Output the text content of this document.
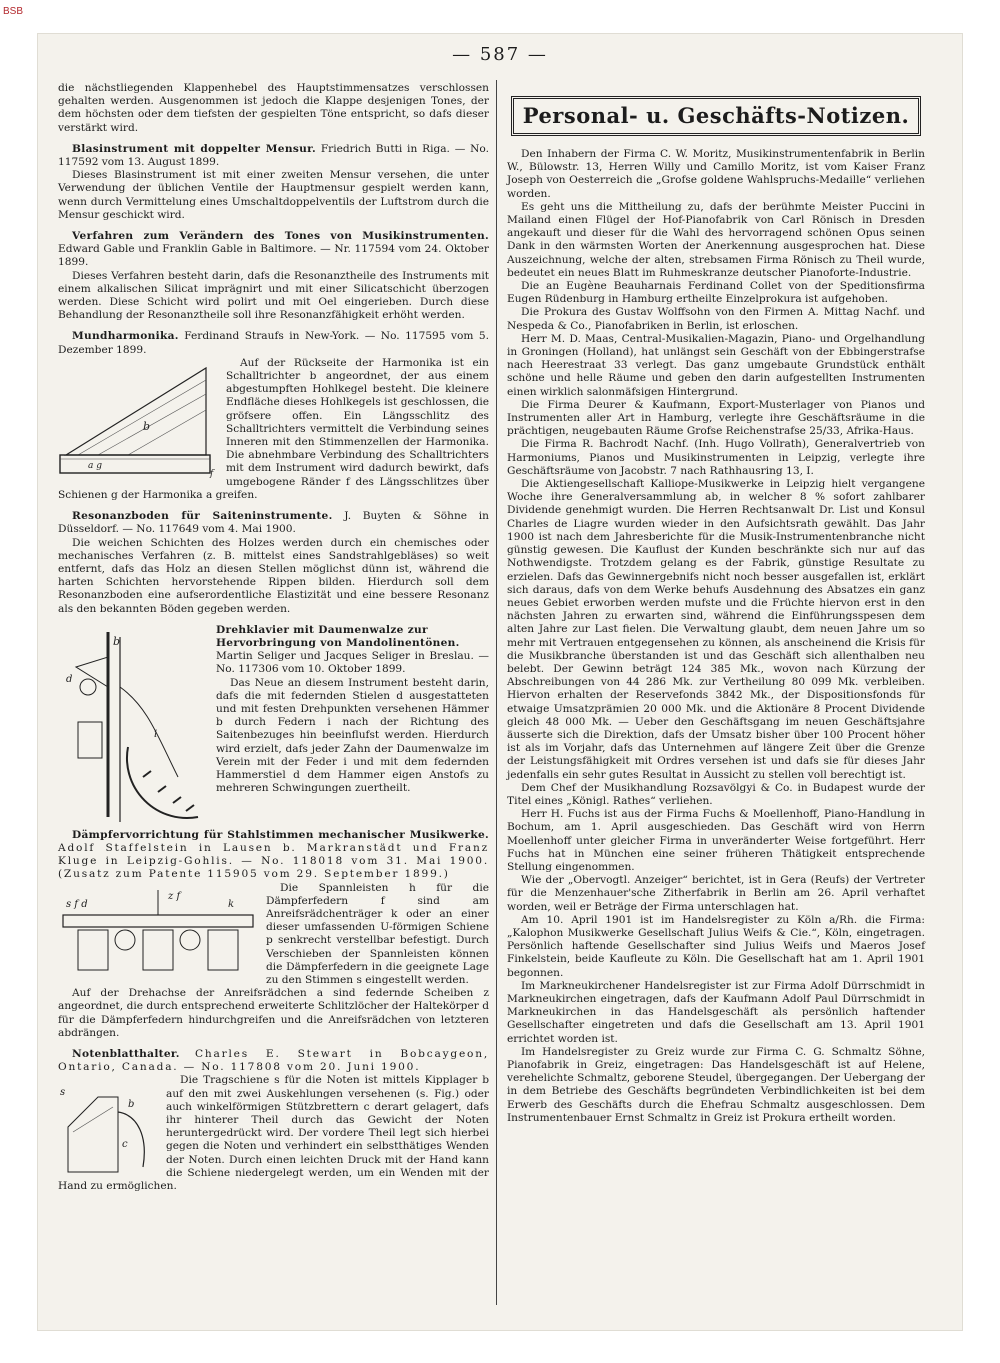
BSB
— 587 —

die nächstliegenden Klappenhebel des Hauptstimmensatzes verschlossen gehalten werden. Ausgenommen ist jedoch die Klappe desjenigen Tones, der dem höchsten oder dem tiefsten der gespielten Töne entspricht, so dafs dieser verstärkt wird.

Blasinstrument mit doppelter Mensur. Friedrich Butti in Riga. — No. 117592 vom 13. August 1899.

Dieses Blasinstrument ist mit einer zweiten Mensur versehen, die unter Verwendung der üblichen Ventile der Hauptmensur gespielt werden kann, wenn durch Vermittelung eines Umschaltdoppelventils der Luftstrom durch die Mensur geschickt wird.

Verfahren zum Verändern des Tones von Musikinstrumenten. Edward Gable und Franklin Gable in Baltimore. — Nr. 117594 vom 24. Oktober 1899.

Dieses Verfahren besteht darin, dafs die Resonanztheile des Instruments mit einem alkalischen Silicat imprägnirt und mit einer Silicatschicht überzogen werden. Diese Schicht wird polirt und mit Oel eingerieben. Durch diese Behandlung der Resonanztheile soll ihre Resonanzfähigkeit erhöht werden.

Mundharmonika. Ferdinand Straufs in New-York. — No. 117595 vom 5. Dezember 1899.

b
a g
f

Auf der Rückseite der Harmonika ist ein Schalltrichter b angeordnet, der aus einem abgestumpften Hohlkegel besteht. Die kleinere Endfläche dieses Hohlkegels ist geschlossen, die gröfsere offen. Ein Längsschlitz des Schalltrichters vermittelt die Verbindung seines Inneren mit den Stimmenzellen der Harmonika. Die abnehmbare Verbindung des Schalltrichters mit dem Instrument wird dadurch bewirkt, dafs umgebogene Ränder f des Längsschlitzes über Schienen g der Harmonika a greifen.

Resonanzboden für Saiteninstrumente. J. Buyten & Söhne in Düsseldorf. — No. 117649 vom 4. Mai 1900.

Die weichen Schichten des Holzes werden durch ein chemisches oder mechanisches Verfahren (z. B. mittelst eines Sandstrahlgebläses) so weit entfernt, dafs das Holz an diesen Stellen möglichst dünn ist, während die harten Schichten hervorstehende Rippen bilden. Hierdurch soll dem Resonanzboden eine aufserordentliche Elastizität und eine bessere Resonanz als den bekannten Böden gegeben werden.

b
d
i

Drehklavier mit Daumenwalze zur Hervorbringung von Mandolinentönen.

Martin Seliger und Jacques Seliger in Breslau. — No. 117306 vom 10. Oktober 1899.

Das Neue an diesem Instrument besteht darin, dafs die mit federnden Stielen d ausgestatteten und mit festen Drehpunkten versehenen Hämmer b durch Federn i nach der Richtung des Saitenbezuges hin beeinflufst werden. Hierdurch wird erzielt, dafs jeder Zahn der Daumenwalze im Verein mit der Feder i und mit dem federnden Hammerstiel d dem Hammer eigen Anstofs zu mehreren Schwingungen zuertheilt.

Dämpfervorrichtung für Stahlstimmen mechanischer Musikwerke. Adolf Staffelstein in Lausen b. Markranstädt und Franz Kluge in Leipzig-Gohlis. — No. 118018 vom 31. Mai 1900. (Zusatz zum Patente 115905 vom 29. September 1899.)

s f d
z f
k

Die Spannleisten h für die Dämpferfedern f sind am Anreifsrädchenträger k oder an einer dieser umfassenden U-förmigen Schiene p senkrecht verstellbar befestigt. Durch Verschieben der Spannleisten können die Dämpferfedern in die geeignete Lage zu den Stimmen s eingestellt werden.

Auf der Drehachse der Anreifsrädchen a sind federnde Scheiben z angeordnet, die durch entsprechend erweiterte Schlitzlöcher der Haltekörper d für die Dämpferfedern hindurchgreifen und die Anreifsrädchen von letzteren abdrängen.

Notenblatthalter. Charles E. Stewart in Bobcaygeon, Ontario, Canada. — No. 117808 vom 20. Juni 1900.

s
b
c

Die Tragschiene s für die Noten ist mittels Kipplager b auf den mit zwei Auskehlungen versehenen (s. Fig.) oder auch winkelförmigen Stützbrettern c derart gelagert, dafs ihr hinterer Theil durch das Gewicht der Noten heruntergedrückt wird. Der vordere Theil legt sich hierbei gegen die Noten und verhindert ein selbstthätiges Wenden der Noten. Durch einen leichten Druck mit der Hand kann die Schiene niedergelegt werden, um ein Wenden mit der Hand zu ermöglichen.

Personal- u. Geschäfts-Notizen.

Den Inhabern der Firma C. W. Moritz, Musikinstrumentenfabrik in Berlin W., Bülowstr. 13, Herren Willy und Camillo Moritz, ist vom Kaiser Franz Joseph von Oesterreich die „Grofse goldene Wahlspruchs-Medaille“ verliehen worden.

Es geht uns die Mittheilung zu, dafs der berühmte Meister Puccini in Mailand einen Flügel der Hof-Pianofabrik von Carl Rönisch in Dresden angekauft und dieser für die Wahl des hervorragend schönen Opus seinen Dank in den wärmsten Worten der Anerkennung ausgesprochen hat. Diese Auszeichnung, welche der alten, strebsamen Firma Rönisch zu Theil wurde, bedeutet ein neues Blatt im Ruhmeskranze deutscher Pianoforte-Industrie.

Die an Eugène Beauharnais Ferdinand Collet von der Speditionsfirma Eugen Rüdenburg in Hamburg ertheilte Einzelprokura ist aufgehoben.

Die Prokura des Gustav Wolffsohn von den Firmen A. Mittag Nachf. und Nespeda & Co., Pianofabriken in Berlin, ist erloschen.

Herr M. D. Maas, Central-Musikalien-Magazin, Piano- und Orgelhandlung in Groningen (Holland), hat unlängst sein Geschäft von der Ebbingerstrafse nach Heerestraat 33 verlegt. Das ganz umgebaute Grundstück enthält schöne und helle Räume und geben den darin aufgestellten Instrumenten einen wirklich salonmäfsigen Hintergrund.

Die Firma Deurer & Kaufmann, Export-Musterlager von Pianos und Instrumenten aller Art in Hamburg, verlegte ihre Geschäftsräume in die prächtigen, neugebauten Räume Grofse Reichenstrafse 25/33, Afrika-Haus.

Die Firma R. Bachrodt Nachf. (Inh. Hugo Vollrath), Generalvertrieb von Harmoniums, Pianos und Musikinstrumenten in Leipzig, verlegte ihre Geschäftsräume von Jacobstr. 7 nach Rathhausring 13, I.

Die Aktiengesellschaft Kalliope-Musikwerke in Leipzig hielt vergangene Woche ihre Generalversammlung ab, in welcher 8 % sofort zahlbarer Dividende genehmigt wurden. Die Herren Rechtsanwalt Dr. List und Konsul Charles de Liagre wurden wieder in den Aufsichtsrath gewählt. Das Jahr 1900 ist nach dem Jahresberichte für die Musik-Instrumentenbranche nicht günstig gewesen. Die Kauflust der Kunden beschränkte sich nur auf das Nothwendigste. Trotzdem gelang es der Fabrik, günstige Resultate zu erzielen. Dafs das Gewinnergebnifs nicht noch besser ausgefallen ist, erklärt sich daraus, dafs von dem Werke behufs Ausdehnung des Absatzes ein ganz neues Gebiet erworben werden mufste und die Früchte hiervon erst in den nächsten Jahren zu erwarten sind, während die Einführungsspesen dem alten Jahre zur Last fielen. Die Verwaltung glaubt, dem neuen Jahre um so mehr mit Vertrauen entgegensehen zu können, als anscheinend die Krisis für die Musikbranche überstanden ist und das Geschäft sich allenthalben neu belebt. Der Gewinn beträgt 124 385 Mk., wovon nach Kürzung der Abschreibungen von 44 286 Mk. zur Vertheilung 80 099 Mk. verbleiben. Hiervon erhalten der Reservefonds 3842 Mk., der Dispositionsfonds für etwaige Umsatzprämien 20 000 Mk. und die Aktionäre 8 Procent Dividende gleich 48 000 Mk. — Ueber den Geschäftsgang im neuen Geschäftsjahre äusserte sich die Direktion, dafs der Umsatz bisher über 100 Procent höher ist als im Vorjahr, dafs das Unternehmen auf längere Zeit über die Grenze der Leistungsfähigkeit mit Ordres versehen ist und dafs sie für dieses Jahr jedenfalls ein sehr gutes Resultat in Aussicht zu stellen voll berechtigt ist.

Dem Chef der Musikhandlung Rozsavölgyi & Co. in Budapest wurde der Titel eines „Königl. Rathes“ verliehen.

Herr H. Fuchs ist aus der Firma Fuchs & Moellenhoff, Piano-Handlung in Bochum, am 1. April ausgeschieden. Das Geschäft wird von Herrn Moellenhoff unter gleicher Firma in unveränderter Weise fortgeführt. Herr Fuchs hat in München eine seiner früheren Thätigkeit entsprechende Stellung eingenommen.

Wie der „Obervogtl. Anzeiger“ berichtet, ist in Gera (Reufs) der Vertreter für die Menzenhauer'sche Zitherfabrik in Berlin am 26. April verhaftet worden, weil er Beträge der Firma unterschlagen hat.

Am 10. April 1901 ist im Handelsregister zu Köln a/Rh. die Firma: „Kalophon Musikwerke Gesellschaft Julius Weifs & Cie.“, Köln, eingetragen. Persönlich haftende Gesellschafter sind Julius Weifs und Maeros Josef Finkelstein, beide Kaufleute zu Köln. Die Gesellschaft hat am 1. April 1901 begonnen.

Im Markneukirchener Handelsregister ist zur Firma Adolf Dürrschmidt in Markneukirchen eingetragen, dafs der Kaufmann Adolf Paul Dürrschmidt in Markneukirchen in das Handelsgeschäft als persönlich haftender Gesellschafter eingetreten und dafs die Gesellschaft am 13. April 1901 errichtet worden ist.

Im Handelsregister zu Greiz wurde zur Firma C. G. Schmaltz Söhne, Pianofabrik in Greiz, eingetragen: Das Handelsgeschäft ist auf Helene, verehelichte Schmaltz, geborene Steudel, übergegangen. Der Uebergang der in dem Betriebe des Geschäfts begründeten Verbindlichkeiten ist bei dem Erwerb des Geschäfts durch die Ehefrau Schmaltz ausgeschlossen. Dem Instrumentenbauer Ernst Schmaltz in Greiz ist Prokura ertheilt worden.
